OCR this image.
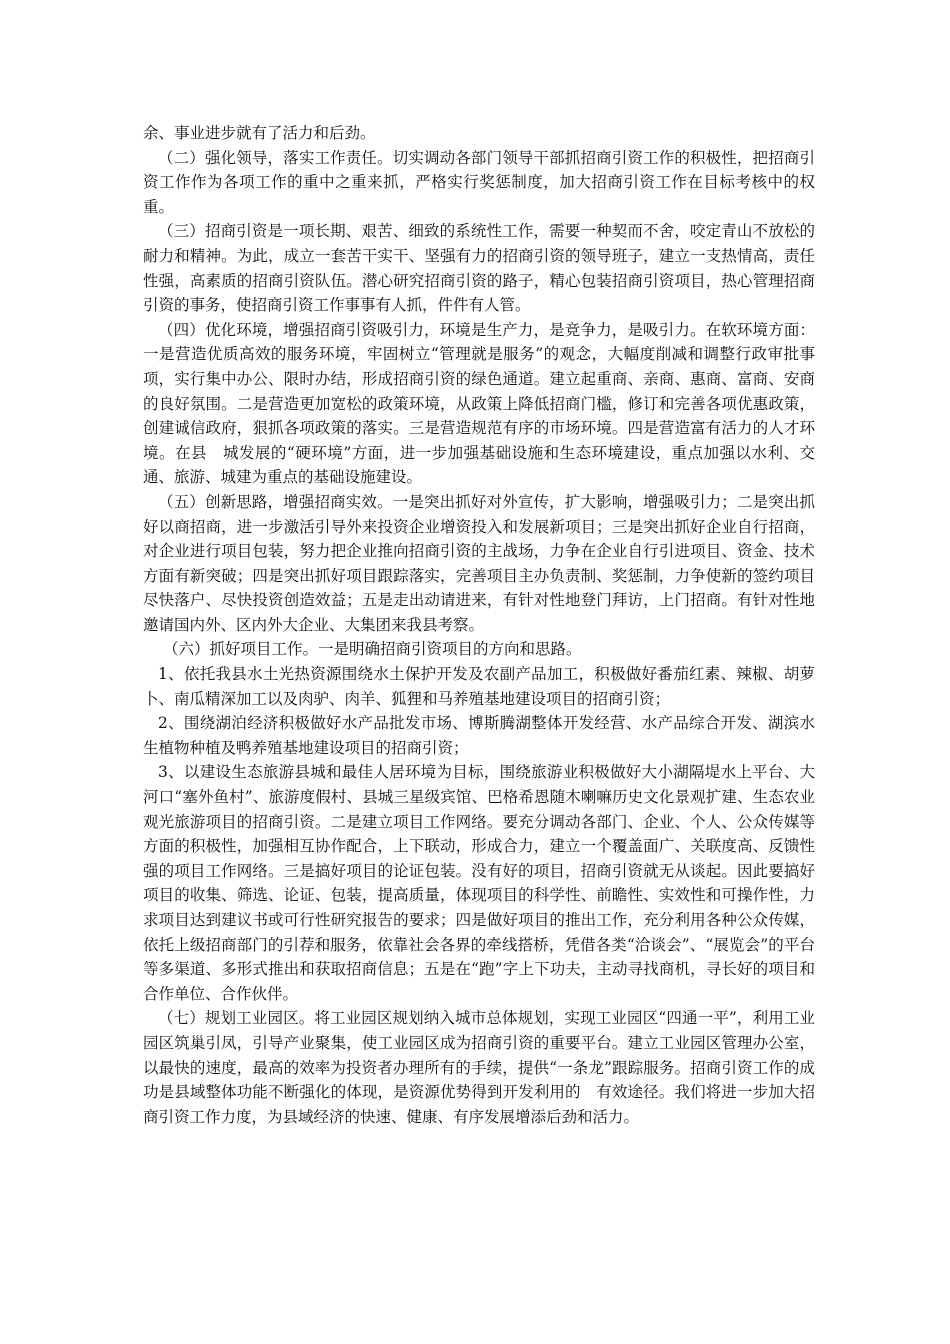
余、事业进步就有了活力和后劲。

（二）强化领导，落实工作责任。切实调动各部门领导干部抓招商引资工作的积极性，把招商引资工作作为各项工作的重中之重来抓，严格实行奖惩制度，加大招商引资工作在目标考核中的权重。

（三）招商引资是一项长期、艰苦、细致的系统性工作，需要一种契而不舍，咬定青山不放松的耐力和精神。为此，成立一套苦干实干、坚强有力的招商引资的领导班子，建立一支热情高，责任性强，高素质的招商引资队伍。潜心研究招商引资的路子，精心包装招商引资项目，热心管理招商引资的事务，使招商引资工作事事有人抓，件件有人管。

（四）优化环境，增强招商引资吸引力，环境是生产力，是竞争力，是吸引力。在软环境方面：一是营造优质高效的服务环境，牢固树立“管理就是服务”的观念，大幅度削减和调整行政审批事项，实行集中办公、限时办结，形成招商引资的绿色通道。建立起重商、亲商、惠商、富商、安商的良好氛围。二是营造更加宽松的政策环境，从政策上降低招商门槛，修订和完善各项优惠政策，创建诚信政府，狠抓各项政策的落实。三是营造规范有序的市场环境。四是营造富有活力的人才环境。在县　城发展的“硬环境”方面，进一步加强基础设施和生态环境建设，重点加强以水利、交通、旅游、城建为重点的基础设施建设。

（五）创新思路，增强招商实效。一是突出抓好对外宣传，扩大影响，增强吸引力；二是突出抓好以商招商，进一步激活引导外来投资企业增资投入和发展新项目；三是突出抓好企业自行招商，对企业进行项目包装，努力把企业推向招商引资的主战场，力争在企业自行引进项目、资金、技术方面有新突破；四是突出抓好项目跟踪落实，完善项目主办负责制、奖惩制，力争使新的签约项目尽快落户、尽快投资创造效益；五是走出动请进来，有针对性地登门拜访，上门招商。有针对性地邀请国内外、区内外大企业、大集团来我县考察。

（六）抓好项目工作。一是明确招商引资项目的方向和思路。

1、依托我县水土光热资源围绕水土保护开发及农副产品加工，积极做好番茄红素、辣椒、胡萝卜、南瓜精深加工以及肉驴、肉羊、狐狸和马养殖基地建设项目的招商引资；

2、围绕湖泊经济积极做好水产品批发市场、博斯腾湖整体开发经营、水产品综合开发、湖滨水生植物种植及鸭养殖基地建设项目的招商引资；

3、以建设生态旅游县城和最佳人居环境为目标，围绕旅游业积极做好大小湖隔堤水上平台、大河口“塞外鱼村”、旅游度假村、县城三星级宾馆、巴格希恩随木喇嘛历史文化景观扩建、生态农业观光旅游项目的招商引资。二是建立项目工作网络。要充分调动各部门、企业、个人、公众传媒等方面的积极性，加强相互协作配合，上下联动，形成合力，建立一个覆盖面广、关联度高、反馈性强的项目工作网络。三是搞好项目的论证包装。没有好的项目，招商引资就无从谈起。因此要搞好项目的收集、筛选、论证、包装，提高质量，体现项目的科学性、前瞻性、实效性和可操作性，力求项目达到建议书或可行性研究报告的要求；四是做好项目的推出工作，充分利用各种公众传媒，依托上级招商部门的引荐和服务，依靠社会各界的牵线搭桥，凭借各类“洽谈会”、“展览会”的平台等多渠道、多形式推出和获取招商信息；五是在“跑”字上下功夫，主动寻找商机，寻长好的项目和合作单位、合作伙伴。

（七）规划工业园区。将工业园区规划纳入城市总体规划，实现工业园区“四通一平”，利用工业园区筑巢引凤，引导产业聚集，使工业园区成为招商引资的重要平台。建立工业园区管理办公室，以最快的速度，最高的效率为投资者办理所有的手续，提供“一条龙”跟踪服务。招商引资工作的成功是县域整体功能不断强化的体现，是资源优势得到开发利用的　有效途径。我们将进一步加大招商引资工作力度，为县域经济的快速、健康、有序发展增添后劲和活力。
